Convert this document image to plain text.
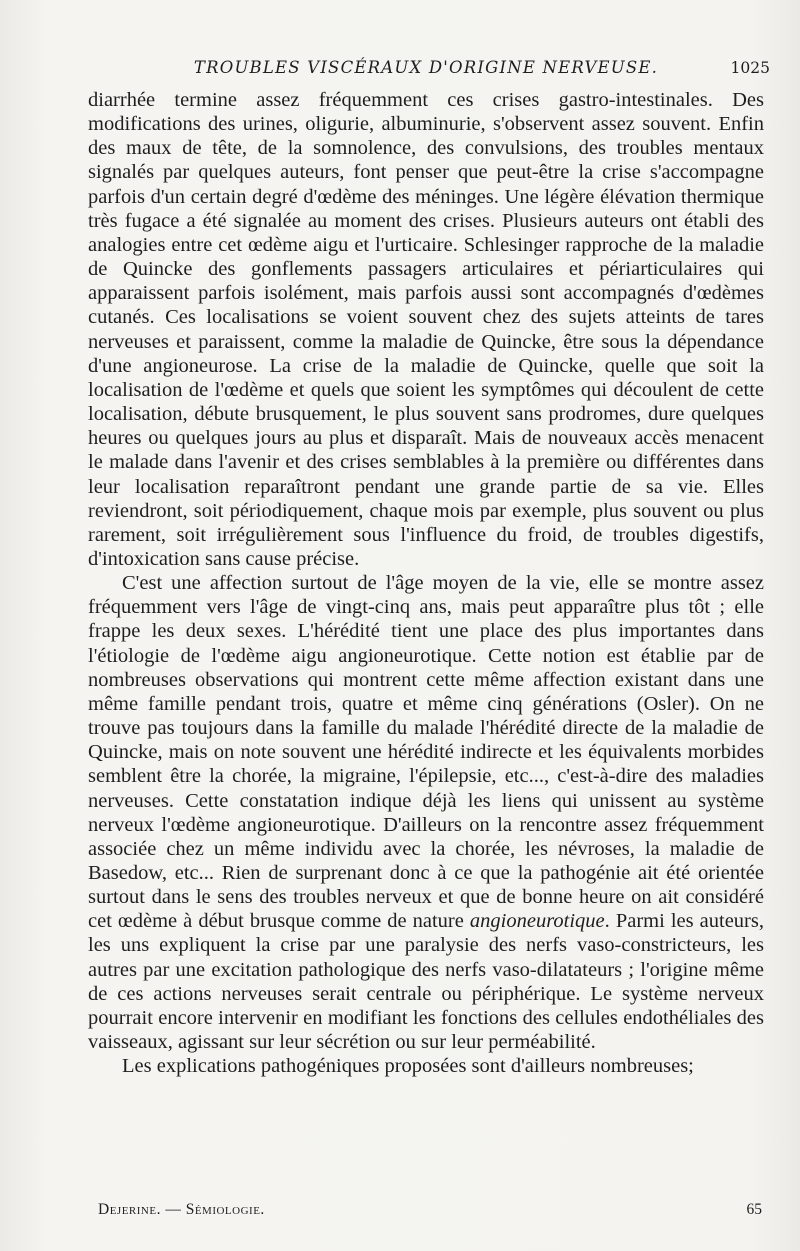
TROUBLES VISCÉRAUX D'ORIGINE NERVEUSE.	1025

diarrhée termine assez fréquemment ces crises gastro-intestinales. Des modifications des urines, oligurie, albuminurie, s'observent assez souvent. Enfin des maux de tête, de la somnolence, des convulsions, des troubles mentaux signalés par quelques auteurs, font penser que peut-être la crise s'accompagne parfois d'un certain degré d'œdème des méninges. Une légère élévation thermique très fugace a été signalée au moment des crises. Plusieurs auteurs ont établi des analogies entre cet œdème aigu et l'urticaire. Schlesinger rapproche de la maladie de Quincke des gonflements passagers articulaires et périarticulaires qui apparaissent parfois isolément, mais parfois aussi sont accompagnés d'œdèmes cutanés. Ces localisations se voient souvent chez des sujets atteints de tares nerveuses et paraissent, comme la maladie de Quincke, être sous la dépendance d'une angioneurose. La crise de la maladie de Quincke, quelle que soit la localisation de l'œdème et quels que soient les symptômes qui découlent de cette localisation, débute brusquement, le plus souvent sans prodromes, dure quelques heures ou quelques jours au plus et disparaît. Mais de nouveaux accès menacent le malade dans l'avenir et des crises semblables à la première ou différentes dans leur localisation reparaîtront pendant une grande partie de sa vie. Elles reviendront, soit périodiquement, chaque mois par exemple, plus souvent ou plus rarement, soit irrégulièrement sous l'influence du froid, de troubles digestifs, d'intoxication sans cause précise.

C'est une affection surtout de l'âge moyen de la vie, elle se montre assez fréquemment vers l'âge de vingt-cinq ans, mais peut apparaître plus tôt ; elle frappe les deux sexes. L'hérédité tient une place des plus importantes dans l'étiologie de l'œdème aigu angioneurotique. Cette notion est établie par de nombreuses observations qui montrent cette même affection existant dans une même famille pendant trois, quatre et même cinq générations (Osler). On ne trouve pas toujours dans la famille du malade l'hérédité directe de la maladie de Quincke, mais on note souvent une hérédité indirecte et les équivalents morbides semblent être la chorée, la migraine, l'épilepsie, etc..., c'est-à-dire des maladies nerveuses. Cette constatation indique déjà les liens qui unissent au système nerveux l'œdème angioneurotique. D'ailleurs on la rencontre assez fréquemment associée chez un même individu avec la chorée, les névroses, la maladie de Basedow, etc... Rien de surprenant donc à ce que la pathogénie ait été orientée surtout dans le sens des troubles nerveux et que de bonne heure on ait considéré cet œdème à début brusque comme de nature angioneurotique. Parmi les auteurs, les uns expliquent la crise par une paralysie des nerfs vaso-constricteurs, les autres par une excitation pathologique des nerfs vaso-dilatateurs ; l'origine même de ces actions nerveuses serait centrale ou périphérique. Le système nerveux pourrait encore intervenir en modifiant les fonctions des cellules endothéliales des vaisseaux, agissant sur leur sécrétion ou sur leur perméabilité.

Les explications pathogéniques proposées sont d'ailleurs nombreuses;

Dejerine. — Sémiologie.	65
